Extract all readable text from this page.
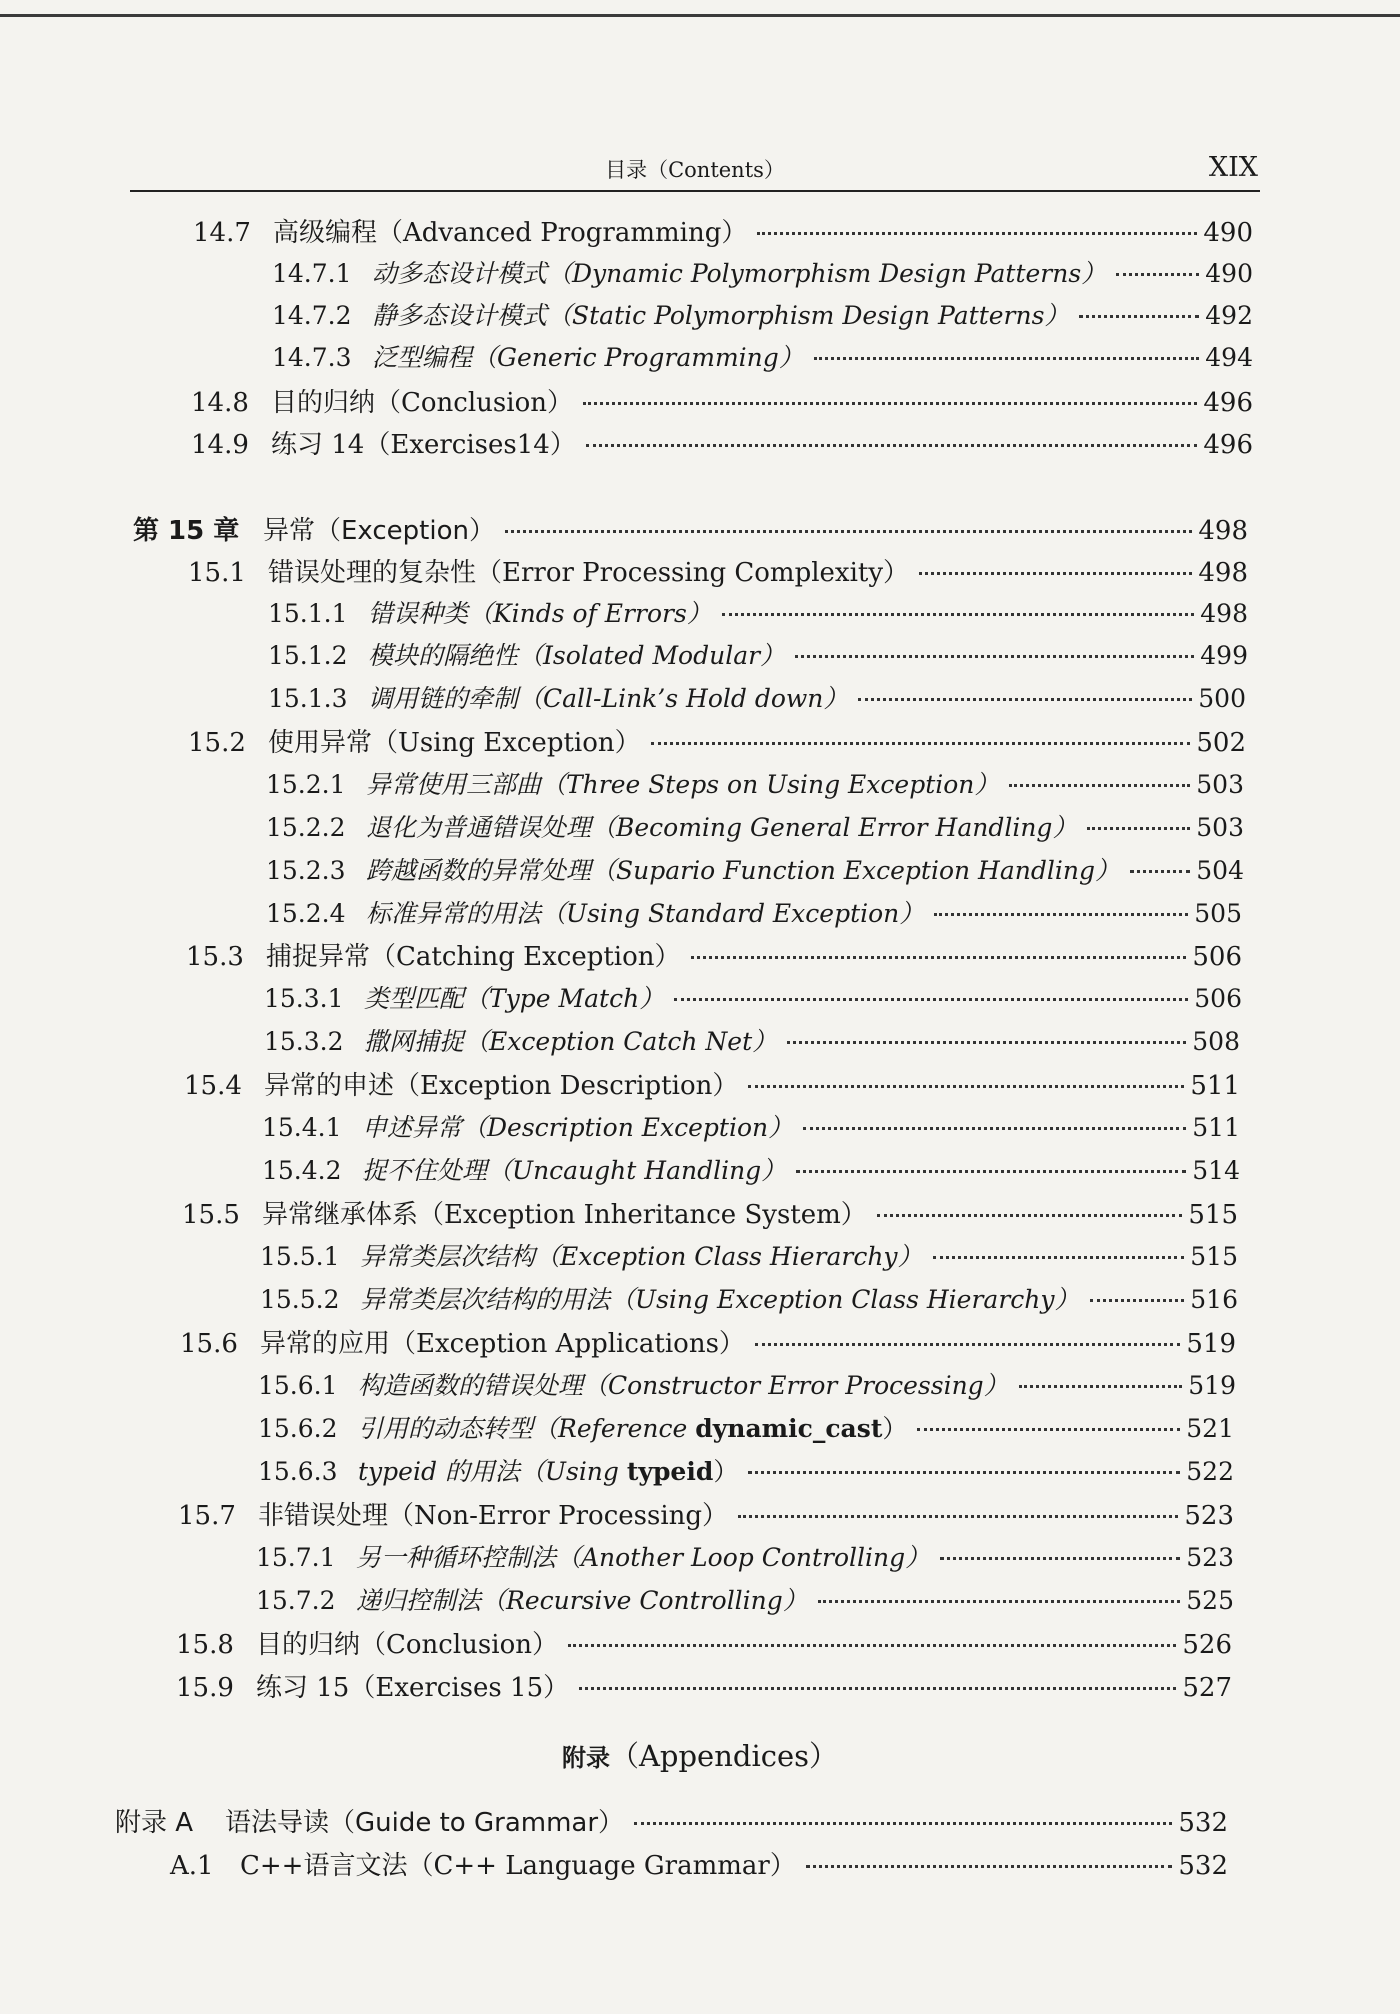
目录（Contents）	XIX
14.7 高级编程（Advanced Programming）	490
14.7.1 动多态设计模式（Dynamic Polymorphism Design Patterns）	490
14.7.2 静多态设计模式（Static Polymorphism Design Patterns）	492
14.7.3 泛型编程（Generic Programming）	494
14.8 目的归纳（Conclusion）	496
14.9 练习 14（Exercises14）	496
第 15 章 异常（Exception）	498
15.1 错误处理的复杂性（Error Processing Complexity）	498
15.1.1 错误种类（Kinds of Errors）	498
15.1.2 模块的隔绝性（Isolated Modular）	499
15.1.3 调用链的牵制（Call-Link’s Hold down）	500
15.2 使用异常（Using Exception）	502
15.2.1 异常使用三部曲（Three Steps on Using Exception）	503
15.2.2 退化为普通错误处理（Becoming General Error Handling）	503
15.2.3 跨越函数的异常处理（Supario Function Exception Handling）	504
15.2.4 标准异常的用法（Using Standard Exception）	505
15.3 捕捉异常（Catching Exception）	506
15.3.1 类型匹配（Type Match）	506
15.3.2 撒网捕捉（Exception Catch Net）	508
15.4 异常的申述（Exception Description）	511
15.4.1 申述异常（Description Exception）	511
15.4.2 捉不住处理（Uncaught Handling）	514
15.5 异常继承体系（Exception Inheritance System）	515
15.5.1 异常类层次结构（Exception Class Hierarchy）	515
15.5.2 异常类层次结构的用法（Using Exception Class Hierarchy）	516
15.6 异常的应用（Exception Applications）	519
15.6.1 构造函数的错误处理（Constructor Error Processing）	519
15.6.2 引用的动态转型（Reference dynamic_cast）	521
15.6.3 typeid 的用法（Using typeid）	522
15.7 非错误处理（Non-Error Processing）	523
15.7.1 另一种循环控制法（Another Loop Controlling）	523
15.7.2 递归控制法（Recursive Controlling）	525
15.8 目的归纳（Conclusion）	526
15.9 练习 15（Exercises 15）	527
附录（Appendices）
附录 A	语法导读（Guide to Grammar）	532
A.1	C++语言文法（C++ Language Grammar）	532
